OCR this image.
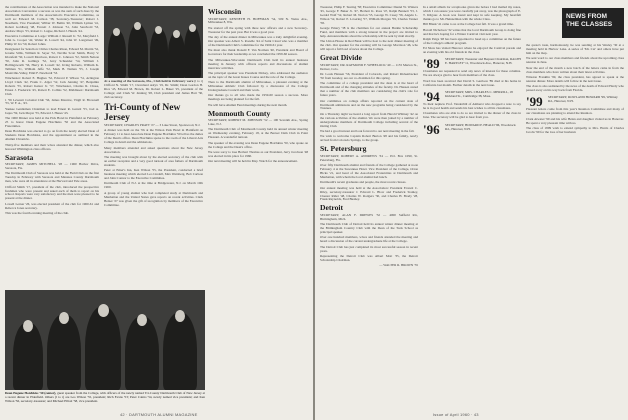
the contributions of the Association was intended to make the National Association Convention a success as was the sum of such dues by the Dartmouth members of the Association's Executive Committee, as well as: Edward M. Carlson '38, Secretary-Treasurer; Robert J. Needham, Vice President; Wilbur W. Beilin '40, William Lyman '41, Robert Goldberg '48, Everett J. Johnson '51, John Sandvold '53, Andrew Mayo '55, Robert C. Lugue, Richard J. Hauck '44.

Executive Committee at Large: William J. Russell Jr. '52, Maryfield J. John G. Cooper '42, Walter R. Lowell '44, John W. Longstreet '49, Philip W. Ira '50, Robert Johns.

Designated for Selection: Chiles Charles Rison, Edward M. Martin '52, Jerome Sillis, William R. Sayer '52, Neville Scott Smith, Harry V. Klarsfeld '50, Lowell Morrison, Robert C. Johnson '52, Smith Nelson '50, John R. Gallings '52, Jerry Schneider '54, William J. Hollingsworth '56, Harry R. Lowell '42, Irving Roberts, William K. Tallman '51, William Jaffe '52, Mark B. Neman '55, J. Joseph Montville-Valley, Emil F. Newhardt '53.

Winchester: Robert E. Hughes '52, Edward P. Wilson '51, Arlington Lloyd Clark '42, Frank C. Alger '52, Jack Jenning '47, Benjamin Roberts '55, Robert Keizer Jr. '57, Winchester, Charles R. Chase, Ernest J. Frederick '43, Robert E. Collins '52, Middlesex: Dartmouth Club.

1 '56 Leverett Colonial Club '56, James Maurice, Virgil R. Brownell '55, W. F. A., '43.

Yankee Gentlemen Chairmen to lead Ernest R. Garrett '55, Joel A. Jaqua '59, Jack Meyer '55, Edward J. Hanes '43.

The 1960 Dinner was held at the Pick Hotel in Plainfield on February 25 to honor Dean Eugene Hotchkiss '50 and the Associated Fraternities.

Dean Hotchkiss was elected to go on from the newly elected Dean of Students Dean Hotchkiss, and the appointment as outlined in the Alumni Chronicle.

Thirty-five members and their wives attended the dinner, which also honored Wilmington class officers.

Sarasota

SECRETARY, JAMES MITCHELL '28 — 1960 Harbor Drive, Sarasota, Fla.

The Dartmouth Club of Sarasota was held at the Field Club on the first Tuesday in February with Sarasota and Manatee County Dartmouth men, who were all in attendance at the Harvard and Yale areas.

Clifford Smith '17, president of the club, introduced the prospective freshmen who were present and asked each of them to report on his school. Reports were very satisfactory and the men were pleased to be present at the dinner.

Lowell Lerner '26, was elected president of the club for 1960-61 and Rebecca Jones secretary.

This was the fourth evening meeting of the club.

At a meeting of the Sarasota, Fla., Club held in February were (l to r) Clifford N. Smith '17, Cleveland Aalyx '19, Dr. Smith; Dean Gordon H. Rice '45, Edward M. Brown, Dr. Robert L. Baker '25, president of the College; and Clark W. Jenning '28, Club president and James Hart '30, club secretary.

Tri-County of New Jersey

SECRETARY, CHARLES PRATT '27 — 3 Lake Street, Spotswood, N.J.

A dinner was held on the 7th at the Wilson Park Hotel in Plainfield on February 11 to hear Associate Dean Eugene Hotchkiss '50 tell us the duties of the Dean's office. Dean Hotchkiss spoke to the room of the Liberal Arts College in detail and the admissions.

Many members attended and asked questions about the New Jersey Association.

The meeting was brought about by the elected secretary of the club with an earlier reception and a very good turnout of area fathers of Dartmouth students.

Peter at Emer's Inn, Ken Wilson '55, the President, conducted a brief business meeting which elected Leo Lindell, Max Weinberg, Bob Carlson and John Connor to the Executive Committee.

Dartmouth Club of N.J. at the time at Bridgewater, N.J. on March 10th 1960.

A group of young alumni who had completed study at Dartmouth and Manhattan and the United States gave reports on recent activities. Clark Heizer '27 was given the gift of recognition by members of the Executive Committee.

Wisconsin

SECRETARY, KENNETH H. HOFFMAN '54, 509 N. Weiss Ave., Milwaukee 8, Wis.

We started off the spring with three new officers and a new Secretary-Treasurer for the past year. But it was a good year.

The day of the annual dinner in Milwaukee was a truly delightful evening. Our speaker was Albert S. Rozelle '44 of Saint Cloud who was a member of the Dartmouth Club's committee for the 1960-61 year.

We must also thank Donald F. Van Norman '40, President and Board of Governors for their leadership as we concluded the 1959-60 season.

The Milwaukee-Wisconsin Dartmouth Club held its annual business meeting in January with officers reports and discussions of alumni interview activities.

The principal speaker was President Dickey, who addressed the audience on the topic of the Great Issues Course and the role of the College.

Then to the Dartmouth alumni of Milwaukee, a pleasant evening at the Milwaukee Athletic Club followed by a discussion of the College Undergraduate Council and their work.

Our thanks go to all who made the 1959-60 season a success. More meetings are being planned for the fall.

We will have Alumni Fund meetings during the next month.

Monmouth County

SECRETARY, ROBERT M. JOHNSON '52 — 100 Seventh Ave., Spring Lake, N.J.

The Dartmouth Club of Monmouth County held its annual winter meeting on Wednesday evening, February 18, at the Beaver Dam Club in Point Pleasant. A wonderful turnout.

The speaker of the evening was Dean Eugene Hotchkiss '50, who spoke on the College and the Dean's office.

We were sorry to lose Herbert Thomas as our President, Jerry Jacobson '48 was elected in his place for 1960.

Our next meeting will be held in May. Watch for the announcement.

Dean Eugene Hotchkiss '50 (center), guest speaker from the College, with officers of the newly named Tri-County Dartmouth Club of New Jersey at a recent dinner in Plainfield. Others (l to r) are Leo Wilson '55, president; Rich Evans '53; Peter Cairns '54, newly named vice president; and Ken Wilson '56, secretary-treasurer; and Michael Elliott '58, vice president.
42 · DARTMOUTH ALUMNI MAGAZINE

Treasurer, Philip F. Tearing '58; Executive Committee: Daniel W. Winters '45, George F. Baker Jr. '47, Herbert K. Ross '47, Ralph Bennett '53, J. Gerald Wolf '52, Robert M. Norton '55, George W. Casey '56, Angelo L. Wilson '52, Robert P. Lovering '57, William Morgan '59, Charles Tanner '58.

George Emery '38 is the chairman for our annual Burkle Scholarship Fund, and members with a strong interest in the project are invited to help. Announcements about the scholarship will be sent by mail shortly.

The Union House in Red Bank will be host to the next dinner meeting of the club. Our speaker for the evening will be George Morrison '46, who will report a full load of news about the College.

Great Divide

SECRETARY, DR. RAYMOND F. WHEELOCK '40 — 1155 Marion St., Denver, Colo.

Dr. Louis Hansen '56, President of Colorado, and Robert Rickenbacker '50 from Greeley, are our co-chairmen for this spring.

The committee of a college president and the dean is at the heart of Dartmouth and of the changing attitudes of the faculty. Dr. Hansen stated that a number of the club members are considering the club's role for future years.

Our committee on college affairs reported on the current state of Dartmouth admissions and on the new programs being considered by the Trustees.

On a Thursday night we heard a long report from Harold Whitney '42 on the various activities of the alumni. We were then joined by a number of undergraduate members of Dartmouth College including several of the Outing Club.

We had a good turnout and look forward to our next meeting in the fall.

We wish to welcome Captain Robert Burton '48 and his family, newly arrived from Colorado Springs, to the group.

St. Petersburg

SECRETARY, ROBERT A. ANDREWS '34 — P.O. Box 1090, St. Petersburg, Fla.

Over fifty Dartmouth alumni and friends of the College gathered at noon February 4 at the Suwannee Hotel. Vice President of the College, Orton Hicks '21, and head of the Associated Fraternities at Dartmouth and Manhattan, with whom the local alumni had lunch.

Dartmouth's recent graduates and people, the most recent classes.

Our annual meeting was held at the Association: President Everett C. Riley, secretary-treasurer J. Edward L. Blow and Frederick Stanley, Chester Rider '48, Charles W. Rodgers '30, and Charles H. Brady '28, Frank Reynolds, Fred Bushey.

Detroit

SECRETARY, ALAN F. DREWES '32 — 4000 Suffield Rd., Birmingham, Mich.

The Dartmouth Club of Detroit held its annual winter dinner meeting at the Birmingham Country Club with the Dean of the Tuck School as principal speaker.

Over one hundred members, wives and friends attended the meeting and heard a discussion of the current undergraduate life at the College.

The Detroit Club has just completed its most successful season in recent years.

Representing the Detroit Club was Albert Mott '35, the Detroit Scholarship Chairman.

— WALTER R. BROWN '35

In a small album for scrapbooks given me before I had mailed my notes, which I can assure you were carefully put away, was the photograph of E. T. Kilgour. A book was found and kept in safe keeping. My heartfelt thanks go to Mr. Heinzelman with the whole Class.

Bill Blank '41 came to us at the College last fall. It was a grand time.

Harold Nicholson '32 writes that the local Dartmouth Group is doing fine and that he's hoping for a Winter Carnival visit next year.

Ralph Paige '48 has been appointed to head up a committee on the future of the College's athletic program.

Ed Shaw has visited Hanover where he enjoyed the Carnival parade and an evening with his old friends in the class.

'89 SECRETARY, Treasurer and Bequest Chairman, RALPH E. HARTLEY '11, Woodstock Ave., Hanover, N.H.

Classmates are requested to send any news of interest for these columns. We are always glad to hear from members of the class.

Word has been received that David S. Garrison '89 died at his home in California last month. Further details in the next issue.

'94 SECRETARY, MRS. CHARLES C. MERRILL, 18 Kirkland St., Cambridge 38, Mass.

To their nephew Prof. Vanderbilt of Amherst who dropped a note to say he is in good health and sends his best wishes to all his classmates.

Classmates who are able to do so are invited to the dinner of the class in June. The secretary will be glad to hear from you.

'96 SECRETARY, HOWARD P. HEALD '96, Woodstock Rd., Hanover, N.H.
NEWS FROM THE CLASSES

the quote's taste, harmoniously, he was sending at his Wesley '30 at a meeting held in Harlow Lake. A series of 'Mr. Cat' and others have put him on the map.

We sent word to our class members and friends about the upcoming class reunion in June.

Near the end of the month a new batch of the letters came in from the class members who have written about their latest activities.

Winston Franklin '99, the class president, has agreed to speak at the reunion dinner. More details will follow in the next issue.

The class is also saddened by the news of the death of Edward Hardy who passed away on his way back from Florida.

'99 SECRETARY, ROWLAND HOWARD '99, Whitney Rd., Hanover, N.H.

Pleasant letters come from this year's Reunion Committee and many of our classmates are planning to attend the Reunion.

Clark Atwater '99 and his wife Helen and daughter visited us in Hanover. He spent a very pleasant time with us.

The class of 1899 wish to extend sympathy to Mrs. Harris of Charles Jacobs '99 for the loss of her husband.

Issue of April 1960 · 43
